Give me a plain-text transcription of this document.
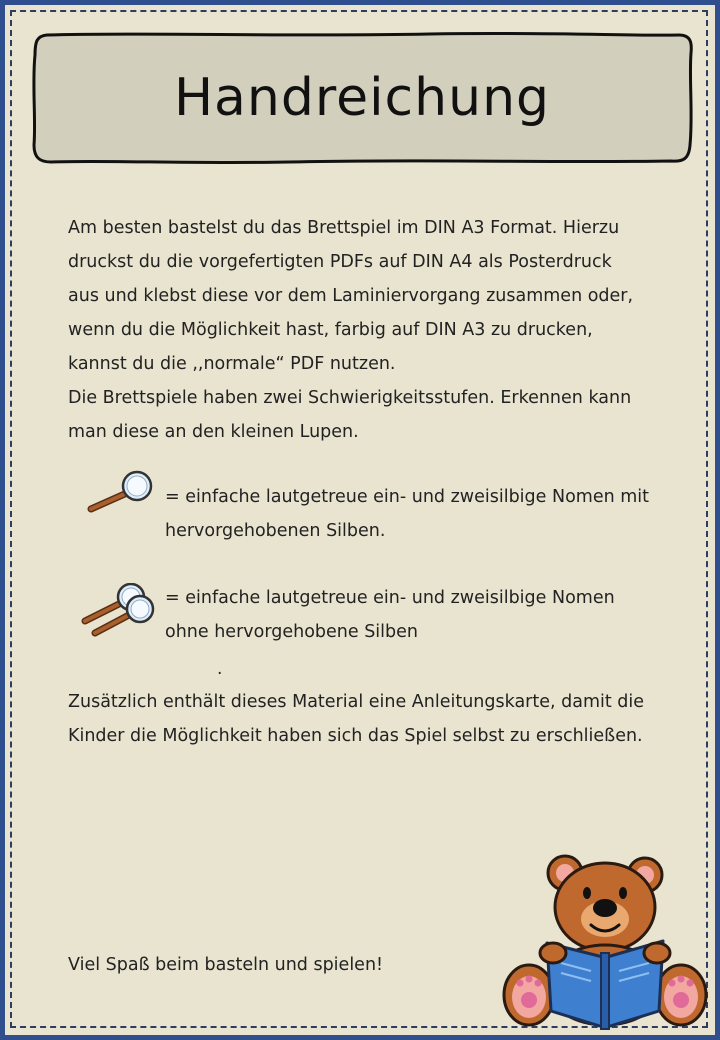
Handreichung
Am besten bastelst du das Brettspiel im DIN A3 Format. Hierzu
druckst du die vorgefertigten PDFs auf DIN A4 als Posterdruck
aus und klebst diese vor dem Laminiervorgang zusammen oder,
wenn du die Möglichkeit hast, farbig auf DIN A3 zu drucken,
kannst du die ,,normale“ PDF nutzen.
Die Brettspiele haben zwei Schwierigkeitsstufen. Erkennen kann
man diese an den kleinen Lupen.
= einfache lautgetreue ein- und zweisilbige Nomen mit
hervorgehobenen Silben.
= einfache lautgetreue ein- und zweisilbige Nomen
ohne hervorgehobene Silben
.
Zusätzlich enthält dieses Material eine Anleitungskarte, damit die
Kinder die Möglichkeit haben sich das Spiel selbst zu erschließen.
Viel Spaß beim basteln und spielen!
